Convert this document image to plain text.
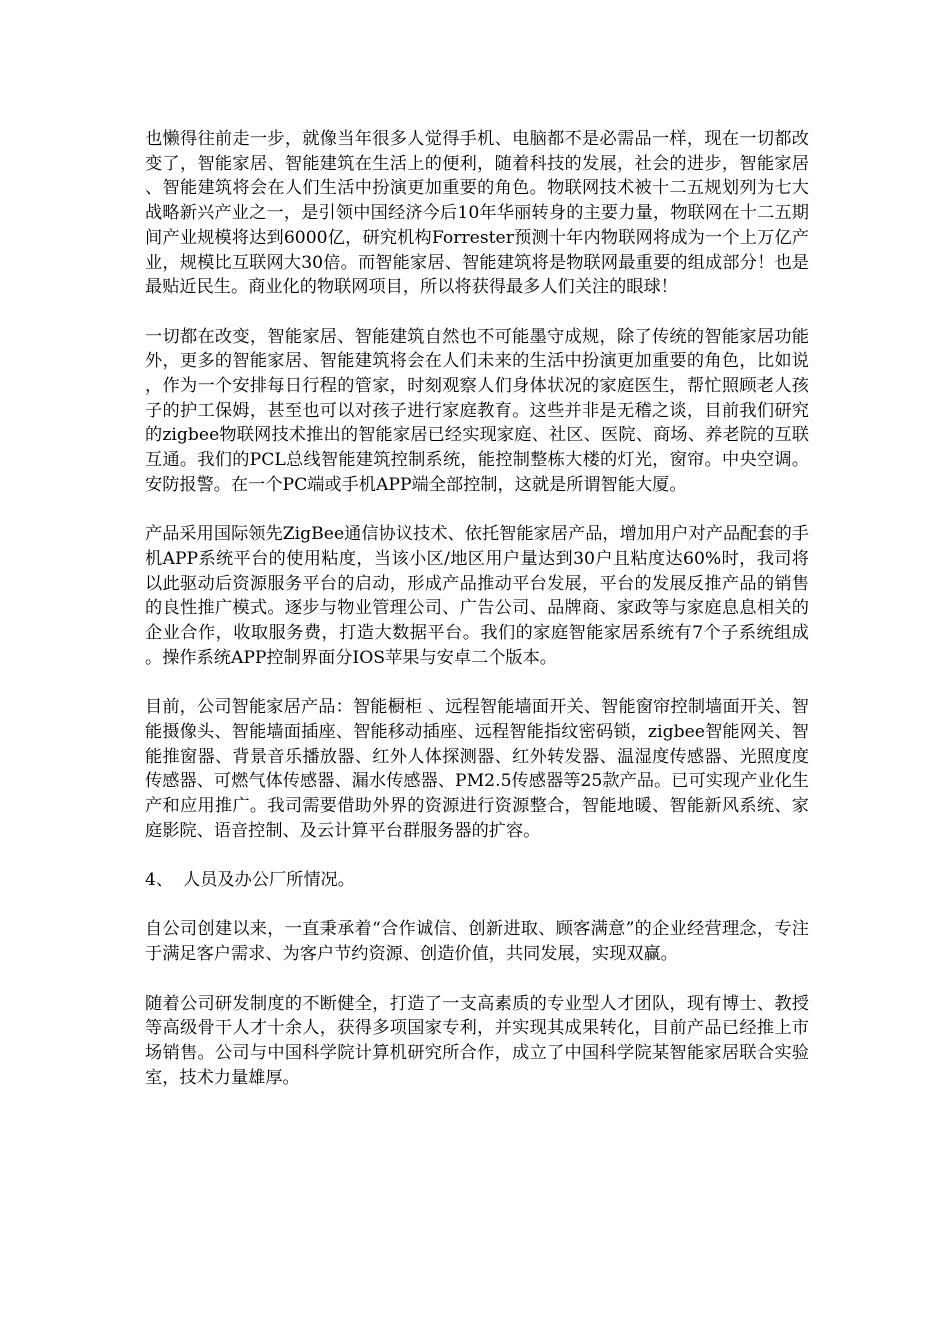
也懒得往前走一步，就像当年很多人觉得手机、电脑都不是必需品一样，现在一切都改变了，智能家居、智能建筑在生活上的便利，随着科技的发展，社会的进步，智能家居、智能建筑将会在人们生活中扮演更加重要的角色。物联网技术被十二五规划列为七大战略新兴产业之一，是引领中国经济今后10年华丽转身的主要力量，物联网在十二五期间产业规模将达到6000亿，研究机构Forrester预测十年内物联网将成为一个上万亿产业，规模比互联网大30倍。而智能家居、智能建筑将是物联网最重要的组成部分！也是最贴近民生。商业化的物联网项目，所以将获得最多人们关注的眼球！

一切都在改变，智能家居、智能建筑自然也不可能墨守成规，除了传统的智能家居功能外，更多的智能家居、智能建筑将会在人们未来的生活中扮演更加重要的角色，比如说，作为一个安排每日行程的管家，时刻观察人们身体状况的家庭医生，帮忙照顾老人孩子的护工保姆，甚至也可以对孩子进行家庭教育。这些并非是无稽之谈，目前我们研究的zigbee物联网技术推出的智能家居已经实现家庭、社区、医院、商场、养老院的互联互通。我们的PCL总线智能建筑控制系统，能控制整栋大楼的灯光，窗帘。中央空调。安防报警。在一个PC端或手机APP端全部控制，这就是所谓智能大厦。

产品采用国际领先ZigBee通信协议技术、依托智能家居产品，增加用户对产品配套的手机APP系统平台的使用粘度，当该小区/地区用户量达到30户且粘度达60%时，我司将以此驱动后资源服务平台的启动，形成产品推动平台发展，平台的发展反推产品的销售的良性推广模式。逐步与物业管理公司、广告公司、品牌商、家政等与家庭息息相关的企业合作，收取服务费，打造大数据平台。我们的家庭智能家居系统有7个子系统组成。操作系统APP控制界面分IOS苹果与安卓二个版本。

目前，公司智能家居产品：智能橱柜 、远程智能墙面开关、智能窗帘控制墙面开关、智能摄像头、智能墙面插座、智能移动插座、远程智能指纹密码锁，zigbee智能网关、智能推窗器、背景音乐播放器、红外人体探测器、红外转发器、温湿度传感器、光照度度传感器、可燃气体传感器、漏水传感器、PM2.5传感器等25款产品。已可实现产业化生产和应用推广。我司需要借助外界的资源进行资源整合，智能地暖、智能新风系统、家庭影院、语音控制、及云计算平台群服务器的扩容。

4、 人员及办公厂所情况。

自公司创建以来，一直秉承着“合作诚信、创新进取、顾客满意”的企业经营理念，专注于满足客户需求、为客户节约资源、创造价值，共同发展，实现双赢。

随着公司研发制度的不断健全，打造了一支高素质的专业型人才团队，现有博士、教授等高级骨干人才十余人，获得多项国家专利，并实现其成果转化，目前产品已经推上市场销售。公司与中国科学院计算机研究所合作，成立了中国科学院某智能家居联合实验室，技术力量雄厚。
